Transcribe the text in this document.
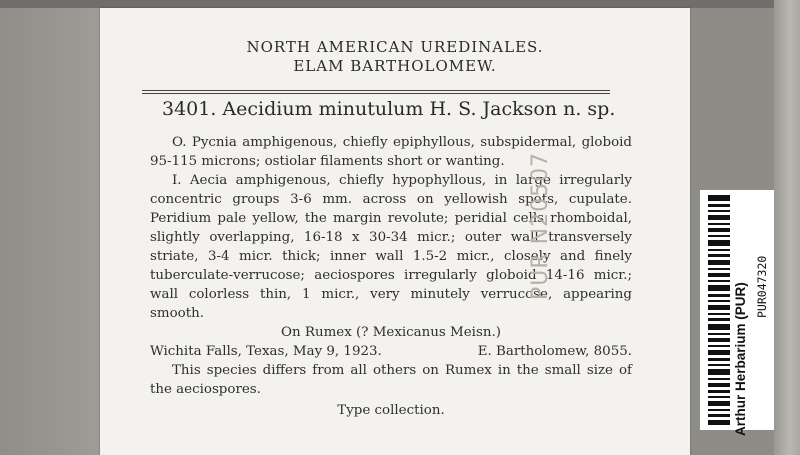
NORTH AMERICAN UREDINALES.
ELAM BARTHOLOMEW.
3401. Aecidium minutulum H. S. Jackson n. sp.

O. Pycnia amphigenous, chiefly epiphyllous, subspidermal, globoid 95-115 microns; ostiolar filaments short or wanting.

I. Aecia amphigenous, chiefly hypophyllous, in large irregularly concentric groups 3-6 mm. across on yellowish spots, cupulate. Peridium pale yellow, the margin revolute; peridial cells rhomboidal, slightly overlapping, 16-18 x 30-34 micr.; outer wall transversely striate, 3-4 micr. thick; inner wall 1.5-2 micr., closely and finely tuberculate-verrucose; aeciospores irregularly globoid 14-16 micr.; wall colorless thin, 1 micr., very minutely verrucose, appearing smooth.

On Rumex (? Mexicanus Meisn.)

Wichita Falls, Texas, May 9, 1923.	E. Bartholomew, 8055.

This species differs from all others on Rumex in the small size of the aeciospores.

Type collection.

PUR N20507
Arthur Herbarium (PUR) PUR047320
